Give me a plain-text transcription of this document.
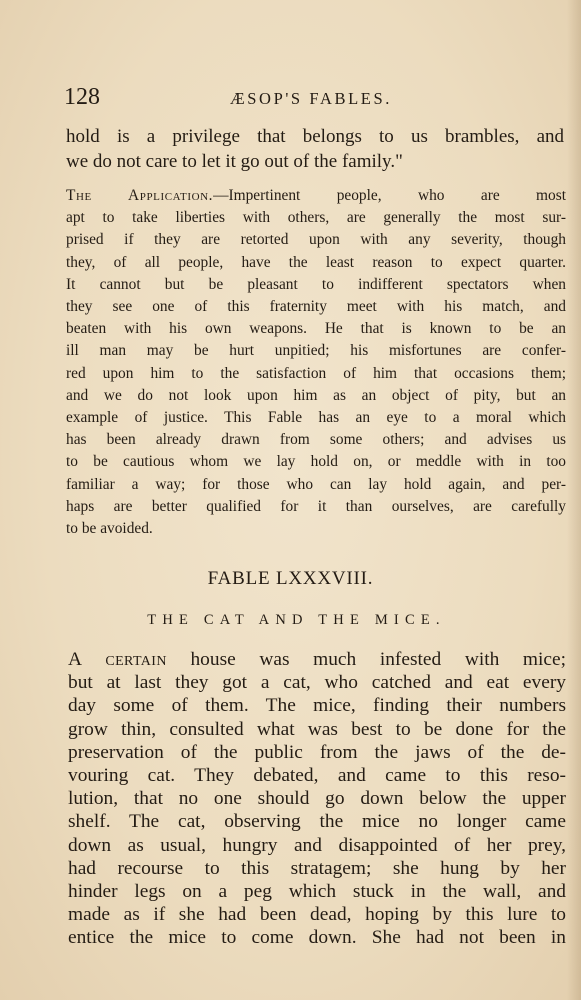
128	ÆSOP'S FABLES.
hold is a privilege that belongs to us brambles, and
we do not care to let it go out of the family."
The Application.—Impertinent people, who are most
apt to take liberties with others, are generally the most sur-
prised if they are retorted upon with any severity, though
they, of all people, have the least reason to expect quarter.
It cannot but be pleasant to indifferent spectators when
they see one of this fraternity meet with his match, and
beaten with his own weapons. He that is known to be an
ill man may be hurt unpitied; his misfortunes are confer-
red upon him to the satisfaction of him that occasions them;
and we do not look upon him as an object of pity, but an
example of justice. This Fable has an eye to a moral which
has been already drawn from some others; and advises us
to be cautious whom we lay hold on, or meddle with in too
familiar a way; for those who can lay hold again, and per-
haps are better qualified for it than ourselves, are carefully
to be avoided.
FABLE LXXXVIII.
THE CAT AND THE MICE.
A certain house was much infested with mice;
but at last they got a cat, who catched and eat every
day some of them. The mice, finding their numbers
grow thin, consulted what was best to be done for the
preservation of the public from the jaws of the de-
vouring cat. They debated, and came to this reso-
lution, that no one should go down below the upper
shelf. The cat, observing the mice no longer came
down as usual, hungry and disappointed of her prey,
had recourse to this stratagem; she hung by her
hinder legs on a peg which stuck in the wall, and
made as if she had been dead, hoping by this lure to
entice the mice to come down. She had not been in
